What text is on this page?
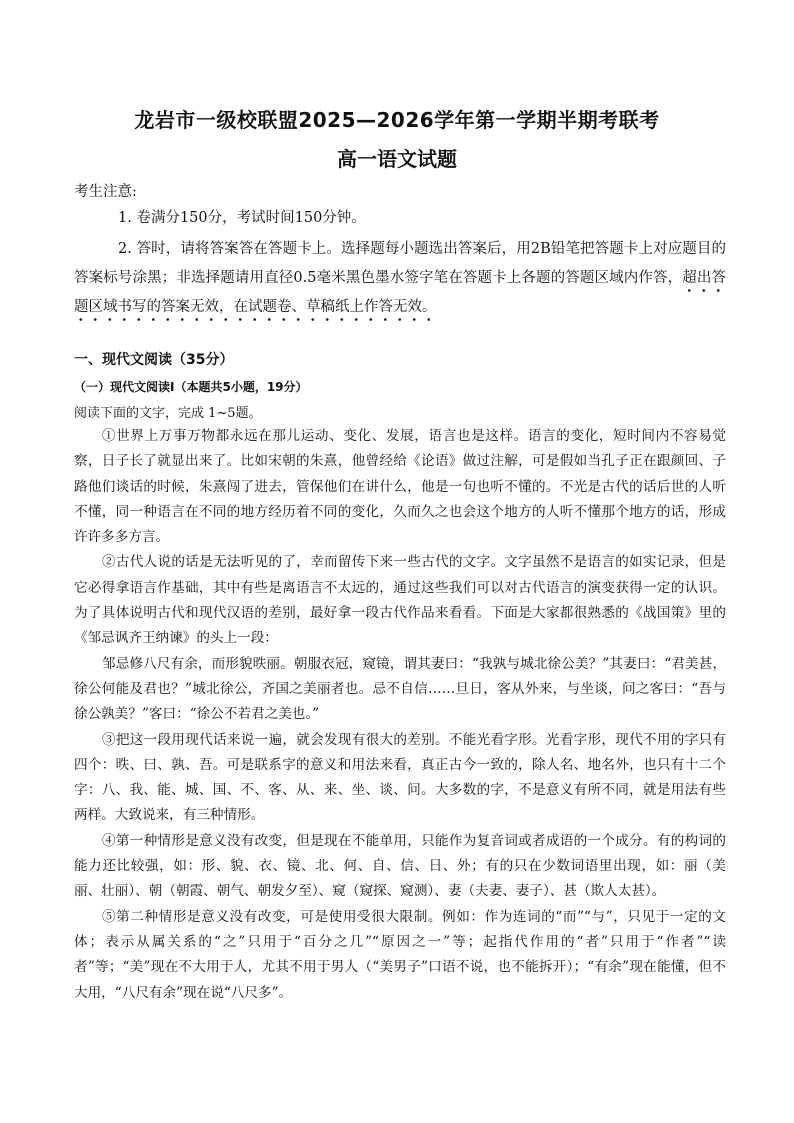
龙岩市一级校联盟2025—2026学年第一学期半期考联考
高一语文试题
考生注意:
1. 卷满分150分，考试时间150分钟。
2. 答时，请将答案答在答题卡上。选择题每小题选出答案后，用2B铅笔把答题卡上对应题目的答案标号涂黑；非选择题请用直径0.5毫米黑色墨水签字笔在答题卡上各题的答题区域内作答，超出答题区域书写的答案无效，在试题卷、草稿纸上作答无效。
一、现代文阅读（35分）
（一）现代文阅读Ⅰ（本题共5小题，19分）
阅读下面的文字，完成 1~5题。

①世界上万事万物都永远在那儿运动、变化、发展，语言也是这样。语言的变化，短时间内不容易觉察，日子长了就显出来了。比如宋朝的朱熹，他曾经给《论语》做过注解，可是假如当孔子正在跟颜回、子路他们谈话的时候，朱熹闯了进去，管保他们在讲什么，他是一句也听不懂的。不光是古代的话后世的人听不懂，同一种语言在不同的地方经历着不同的变化，久而久之也会这个地方的人听不懂那个地方的话，形成许许多多方言。

②古代人说的话是无法听见的了，幸而留传下来一些古代的文字。文字虽然不是语言的如实记录，但是它必得拿语言作基础，其中有些是离语言不太远的，通过这些我们可以对古代语言的演变获得一定的认识。为了具体说明古代和现代汉语的差别，最好拿一段古代作品来看看。下面是大家都很熟悉的《战国策》里的《邹忌讽齐王纳谏》的头上一段：

邹忌修八尺有余，而形貌昳丽。朝服衣冠，窥镜，谓其妻曰：“我孰与城北徐公美？”其妻曰：“君美甚，徐公何能及君也？”城北徐公，齐国之美丽者也。忌不自信……旦日，客从外来，与坐谈，问之客曰：“吾与徐公孰美？”客曰：“徐公不若君之美也。”

③把这一段用现代话来说一遍，就会发现有很大的差别。不能光看字形。光看字形，现代不用的字只有四个：昳、曰、孰、吾。可是联系字的意义和用法来看，真正古今一致的，除人名、地名外，也只有十二个字：八、我、能、城、国、不、客、从、来、坐、谈、问。大多数的字，不是意义有所不同，就是用法有些两样。大致说来，有三种情形。

④第一种情形是意义没有改变，但是现在不能单用，只能作为复音词或者成语的一个成分。有的构词的能力还比较强，如：形、貌、衣、镜、北、何、自、信、日、外；有的只在少数词语里出现，如：丽（美丽、壮丽）、朝（朝霞、朝气、朝发夕至）、窥（窥探、窥测）、妻（夫妻、妻子）、甚（欺人太甚）。

⑤第二种情形是意义没有改变，可是使用受很大限制。例如：作为连词的“而”“与”，只见于一定的文体；表示从属关系的“之”只用于“百分之几”“原因之一”等；起指代作用的“者”只用于“作者”“读者”等；“美”现在不大用于人，尤其不用于男人（“美男子”口语不说，也不能拆开）；“有余”现在能懂，但不大用，“八尺有余”现在说“八尺多”。
